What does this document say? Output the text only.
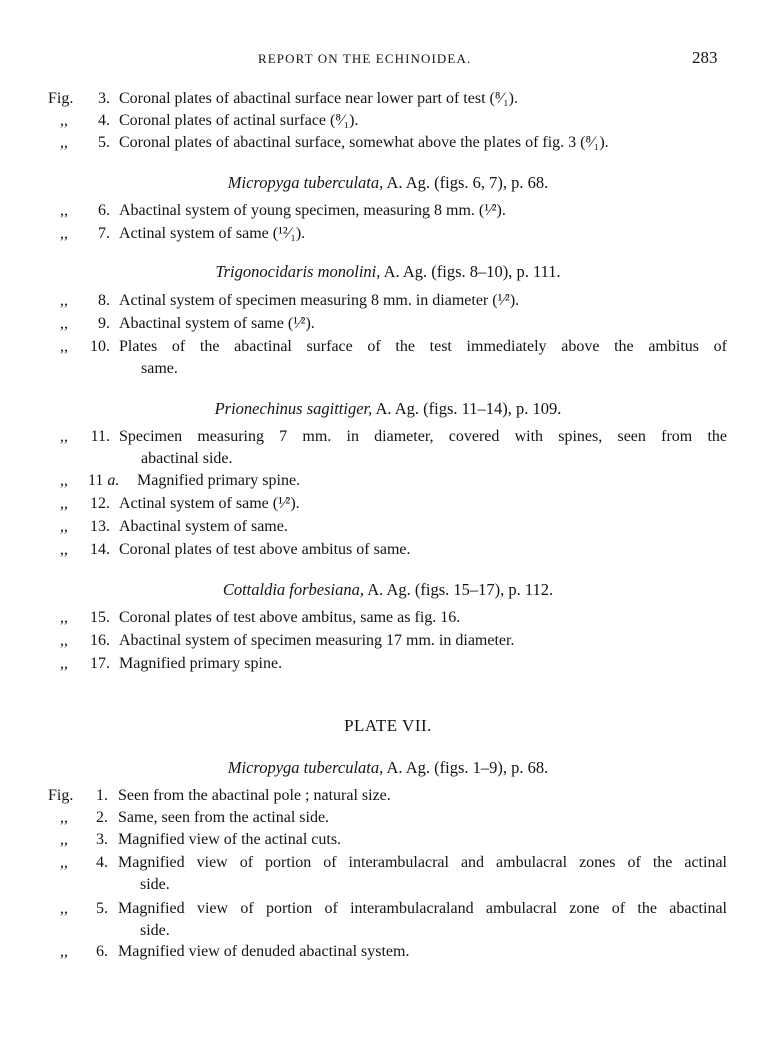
REPORT ON THE ECHINOIDEA.	283
Fig.	3. Coronal plates of abactinal surface near lower part of test (⁸⁄₁).
,,	4. Coronal plates of actinal surface (⁸⁄₁).
,,	5. Coronal plates of abactinal surface, somewhat above the plates of fig. 3 (⁸⁄₁).
Micropyga tuberculata, A. Ag. (figs. 6, 7), p. 68.
,,	6. Abactinal system of young specimen, measuring 8 mm. (¹⁄²).
,,	7. Actinal system of same (¹²⁄₁).
Trigonocidaris monolini, A. Ag. (figs. 8–10), p. 111.
,,	8. Actinal system of specimen measuring 8 mm. in diameter (¹⁄²).
,,	9. Abactinal system of same (¹⁄²).
,,	10. Plates of the abactinal surface of the test immediately above the ambitus of
same.
Prionechinus sagittiger, A. Ag. (figs. 11–14), p. 109.
,,	11. Specimen measuring 7 mm. in diameter, covered with spines, seen from the
abactinal side.
,, 11 a. Magnified primary spine.
,,	12. Actinal system of same (¹⁄²).
,,	13. Abactinal system of same.
,,	14. Coronal plates of test above ambitus of same.
Cottaldia forbesiana, A. Ag. (figs. 15–17), p. 112.
,,	15. Coronal plates of test above ambitus, same as fig. 16.
,,	16. Abactinal system of specimen measuring 17 mm. in diameter.
,,	17. Magnified primary spine.
PLATE VII.
Micropyga tuberculata, A. Ag. (figs. 1–9), p. 68.
Fig.	1. Seen from the abactinal pole ; natural size.
,,	2. Same, seen from the actinal side.
,,	3. Magnified view of the actinal cuts.
,,	4. Magnified view of portion of interambulacral and ambulacral zones of the actinal
side.
,,	5. Magnified view of portion of interambulacraland ambulacral zone of the abactinal
side.
,,	6. Magnified view of denuded abactinal system.
